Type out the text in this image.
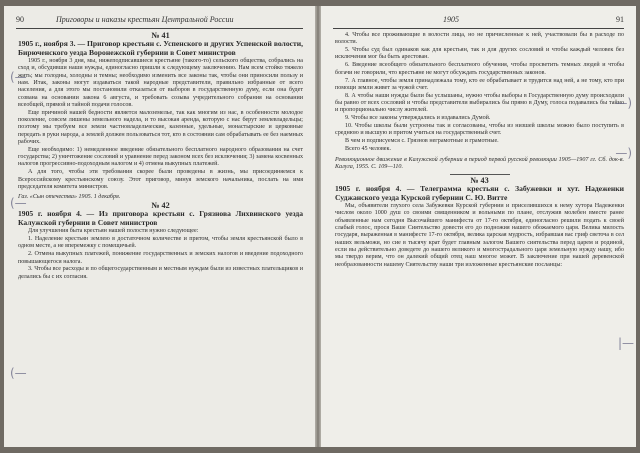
90	Приговоры и наказы крестьян Центральной России

№ 41

1905 г., ноября 3. — Приговор крестьян с. Успенского и других Успенской волости, Бирюченского уезда Воронежской губернии в Совет министров

1905 г., ноября 3 дня, мы, нижеподписавшиеся крестьяне (такого-то) сельского общества, собрались на сход и, обсудивши наши нужды, единогласно пришли к следующему заключению. Нам всем стойко тяжело жить; мы голодны, холодны и темны; необходимо изменить все законы так, чтобы они приносили пользу и нам. Итак, законы могут издаваться такой народные представители, правильно избранные от всего населения, а для этого мы постановили отказаться от выборов в государственную думу, если она будет созвана на основании закона 6 августа, и требовать созыва учредительного собрания на основании всеобщей, прямой и тайной подачи голосов.

Еще причиной нашей бедности является малоземелье, так как многим из нас, в особенности молодое поколение, совсем лишены земельного надела, и то высокая аренда, которую с нас берут землевладельцы; поэтому мы требуем все земли частновладельческие, казенные, удельные, монастырские и церковные передать в руки народа, а землей должен пользоваться тот, кто в состоянии сам обрабатывать ее без наемных рабочих.

Еще необходимо: 1) немедленное введение обязательного бесплатного народного образования на счет государства; 2) уничтожение сословий и уравнение перед законом всех без исключения; 3) замена косвенных налогов прогрессивно-подоходным налогом и 4) отмена выкупных платежей.

А для того, чтобы эти требования скорее были проведены в жизнь, мы присоединяемся к Всероссийскому крестьянскому союзу. Этот приговор, минуя земского начальника, послать на имя председателя комитета министров.

Газ. «Сын отечества» 1905. 1 декабря.

№ 42

1905 г. ноября 4. — Из приговора крестьян с. Грязнова Лихвинского уезда Калужской губернии в Совет министров

Для улучшения быта крестьян нашей полости нужно следующее:

1. Наделение крестьян землею в достаточном количестве и притом, чтобы земля крестьянской было в одном месте, а не вперемежку с помещичьей.

2. Отмена выкупных платежей, понижение государственных и земских налогов и введение подоходного повышающегося налога.

3. Чтобы все расходы и по общегосударственным и местным нуждам были из известных плательщиков и делались бы с их согласия.

(—
(—
(—
1905	91

4. Чтобы все проживающие в волости лица, но не причисленные к ней, участвовали бы в расходе по волости.

5. Чтобы суд был одинаков как для крестьян, так и для других сословий и чтобы каждый человек без исключения мог бы быть арестован.

6. Введение всеобщего обязательного бесплатного обучения, чтобы просветить темных людей и чтобы богачи не говорили, что крестьяне не могут обсуждать государственных законов.

7. А главное, чтобы земля принадлежала тому, кто ее обрабатывает и трудится над ней, а не тому, кто при помощи земли живет за чужой счет.

8. А чтобы наши нужды были бы услышаны, нужно чтобы выборы в Государственную думу происходили бы равно от всех сословий и чтобы представители выбирались бы прямо в Думу, голоса подавались бы тайно и пропорционально числу жителей.

9. Чтобы все законы утверждались и издавались Думой.

10. Чтобы школы были устроены так и согласованы, чтобы из низшей школы можно было поступить в среднюю и высшую и притом учиться на государственный счет.

В чем и подписуемся с. Грязнов неграмотные и грамотные.

Всего 45 человек.

Революционное движение в Калужской губернии в период первой русской революции 1905—1907 гг. Сб. док-в. Калуга, 1955. С. 109—110.

№ 43

1905 г. ноября 4. — Телеграмма крестьян с. Забужевки и хут. Надеженки Суджанского уезда Курской губернии С. Ю. Витте

Мы, объявители глухого села Забужевки Курской губернии и приселившихся к нему хутора Надеженки числом около 1000 душ со своими священником и вольными по плане, отслужив молебен вместе ранее объявленные нам сегодня Высочайшего манифеста от 17-го октября, единогласно решили подать к своей слабый голос, прося Ваше Сиятельство довести его до подножия нашего обожаемого царя. Велика милость государя, выраженная в манифесте 17-го октября, велика царская мудрость, избравшая вас гриф светоча в сел наших вельможи, но сие в тысячу крат будет главным залогом Вашего сиятельства перед царем и родиной, если вы действительно доведете до нашего великого и многострадального царя земельную нужду нашу, ибо мы твердо верим, что он далекий общий отец наш многое может. В заключение при нашей деревенской необразованности нашему Сиятельству наши три изложенные крестьянские посланцы:

—)
—)
|—
